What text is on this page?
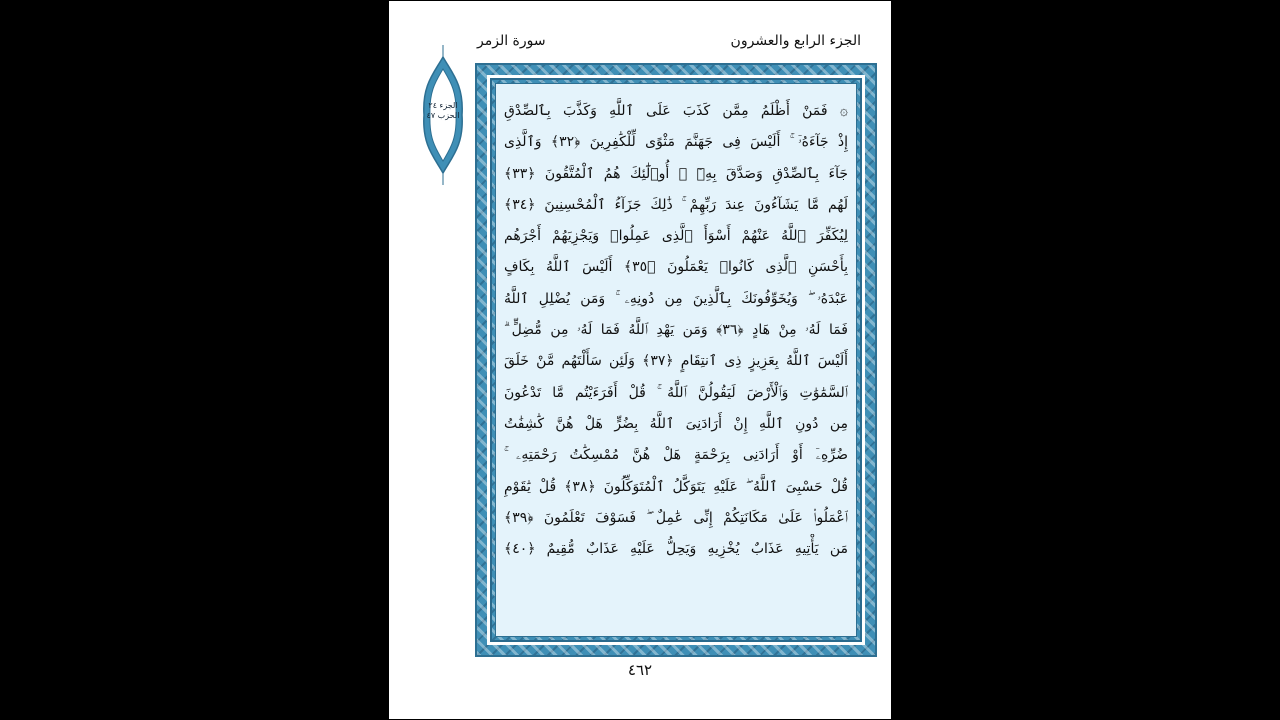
الجزء الرابع والعشرون
سورة الزمر
الجزء ٢٤
الحزب ٤٧	۞ فَمَنْ أَظْلَمُ مِمَّن كَذَبَ عَلَى ٱللَّهِ وَكَذَّبَ بِٱلصِّدْقِ
إِذْ جَآءَهُۥٓ ۚ أَلَيْسَ فِى جَهَنَّمَ مَثْوًى لِّلْكَٰفِرِينَ ﴿٣٢﴾ وَٱلَّذِى
جَآءَ بِٱلصِّدْقِ وَصَدَّقَ بِهِۦٓ ۙ أُو۟لَٰٓئِكَ هُمُ ٱلْمُتَّقُونَ ﴿٣٣﴾
لَهُم مَّا يَشَآءُونَ عِندَ رَبِّهِمْ ۚ ذَٰلِكَ جَزَآءُ ٱلْمُحْسِنِينَ ﴿٣٤﴾
لِيُكَفِّرَ ٱللَّهُ عَنْهُمْ أَسْوَأَ ٱلَّذِى عَمِلُوا۟ وَيَجْزِيَهُمْ أَجْرَهُم
بِأَحْسَنِ ٱلَّذِى كَانُوا۟ يَعْمَلُونَ ﴿٣٥﴾ أَلَيْسَ ٱللَّهُ بِكَافٍ
عَبْدَهُۥ ۖ وَيُخَوِّفُونَكَ بِٱلَّذِينَ مِن دُونِهِۦ ۚ وَمَن يُضْلِلِ ٱللَّهُ
فَمَا لَهُۥ مِنْ هَادٍ ﴿٣٦﴾ وَمَن يَهْدِ ٱللَّهُ فَمَا لَهُۥ مِن مُّضِلٍّ ۗ
أَلَيْسَ ٱللَّهُ بِعَزِيزٍ ذِى ٱنتِقَامٍ ﴿٣٧﴾ وَلَئِن سَأَلْتَهُم مَّنْ خَلَقَ
ٱلسَّمَٰوَٰتِ وَٱلْأَرْضَ لَيَقُولُنَّ ٱللَّهُ ۚ قُلْ أَفَرَءَيْتُم مَّا تَدْعُونَ
مِن دُونِ ٱللَّهِ إِنْ أَرَادَنِىَ ٱللَّهُ بِضُرٍّ هَلْ هُنَّ كَٰشِفَٰتُ
ضُرِّهِۦٓ أَوْ أَرَادَنِى بِرَحْمَةٍ هَلْ هُنَّ مُمْسِكَٰتُ رَحْمَتِهِۦ ۚ
قُلْ حَسْبِىَ ٱللَّهُ ۖ عَلَيْهِ يَتَوَكَّلُ ٱلْمُتَوَكِّلُونَ ﴿٣٨﴾ قُلْ يَٰقَوْمِ
ٱعْمَلُوا۟ عَلَىٰ مَكَانَتِكُمْ إِنِّى عَٰمِلٌ ۖ فَسَوْفَ تَعْلَمُونَ ﴿٣٩﴾
مَن يَأْتِيهِ عَذَابٌ يُخْزِيهِ وَيَحِلُّ عَلَيْهِ عَذَابٌ مُّقِيمٌ ﴿٤٠﴾
٤٦٢
